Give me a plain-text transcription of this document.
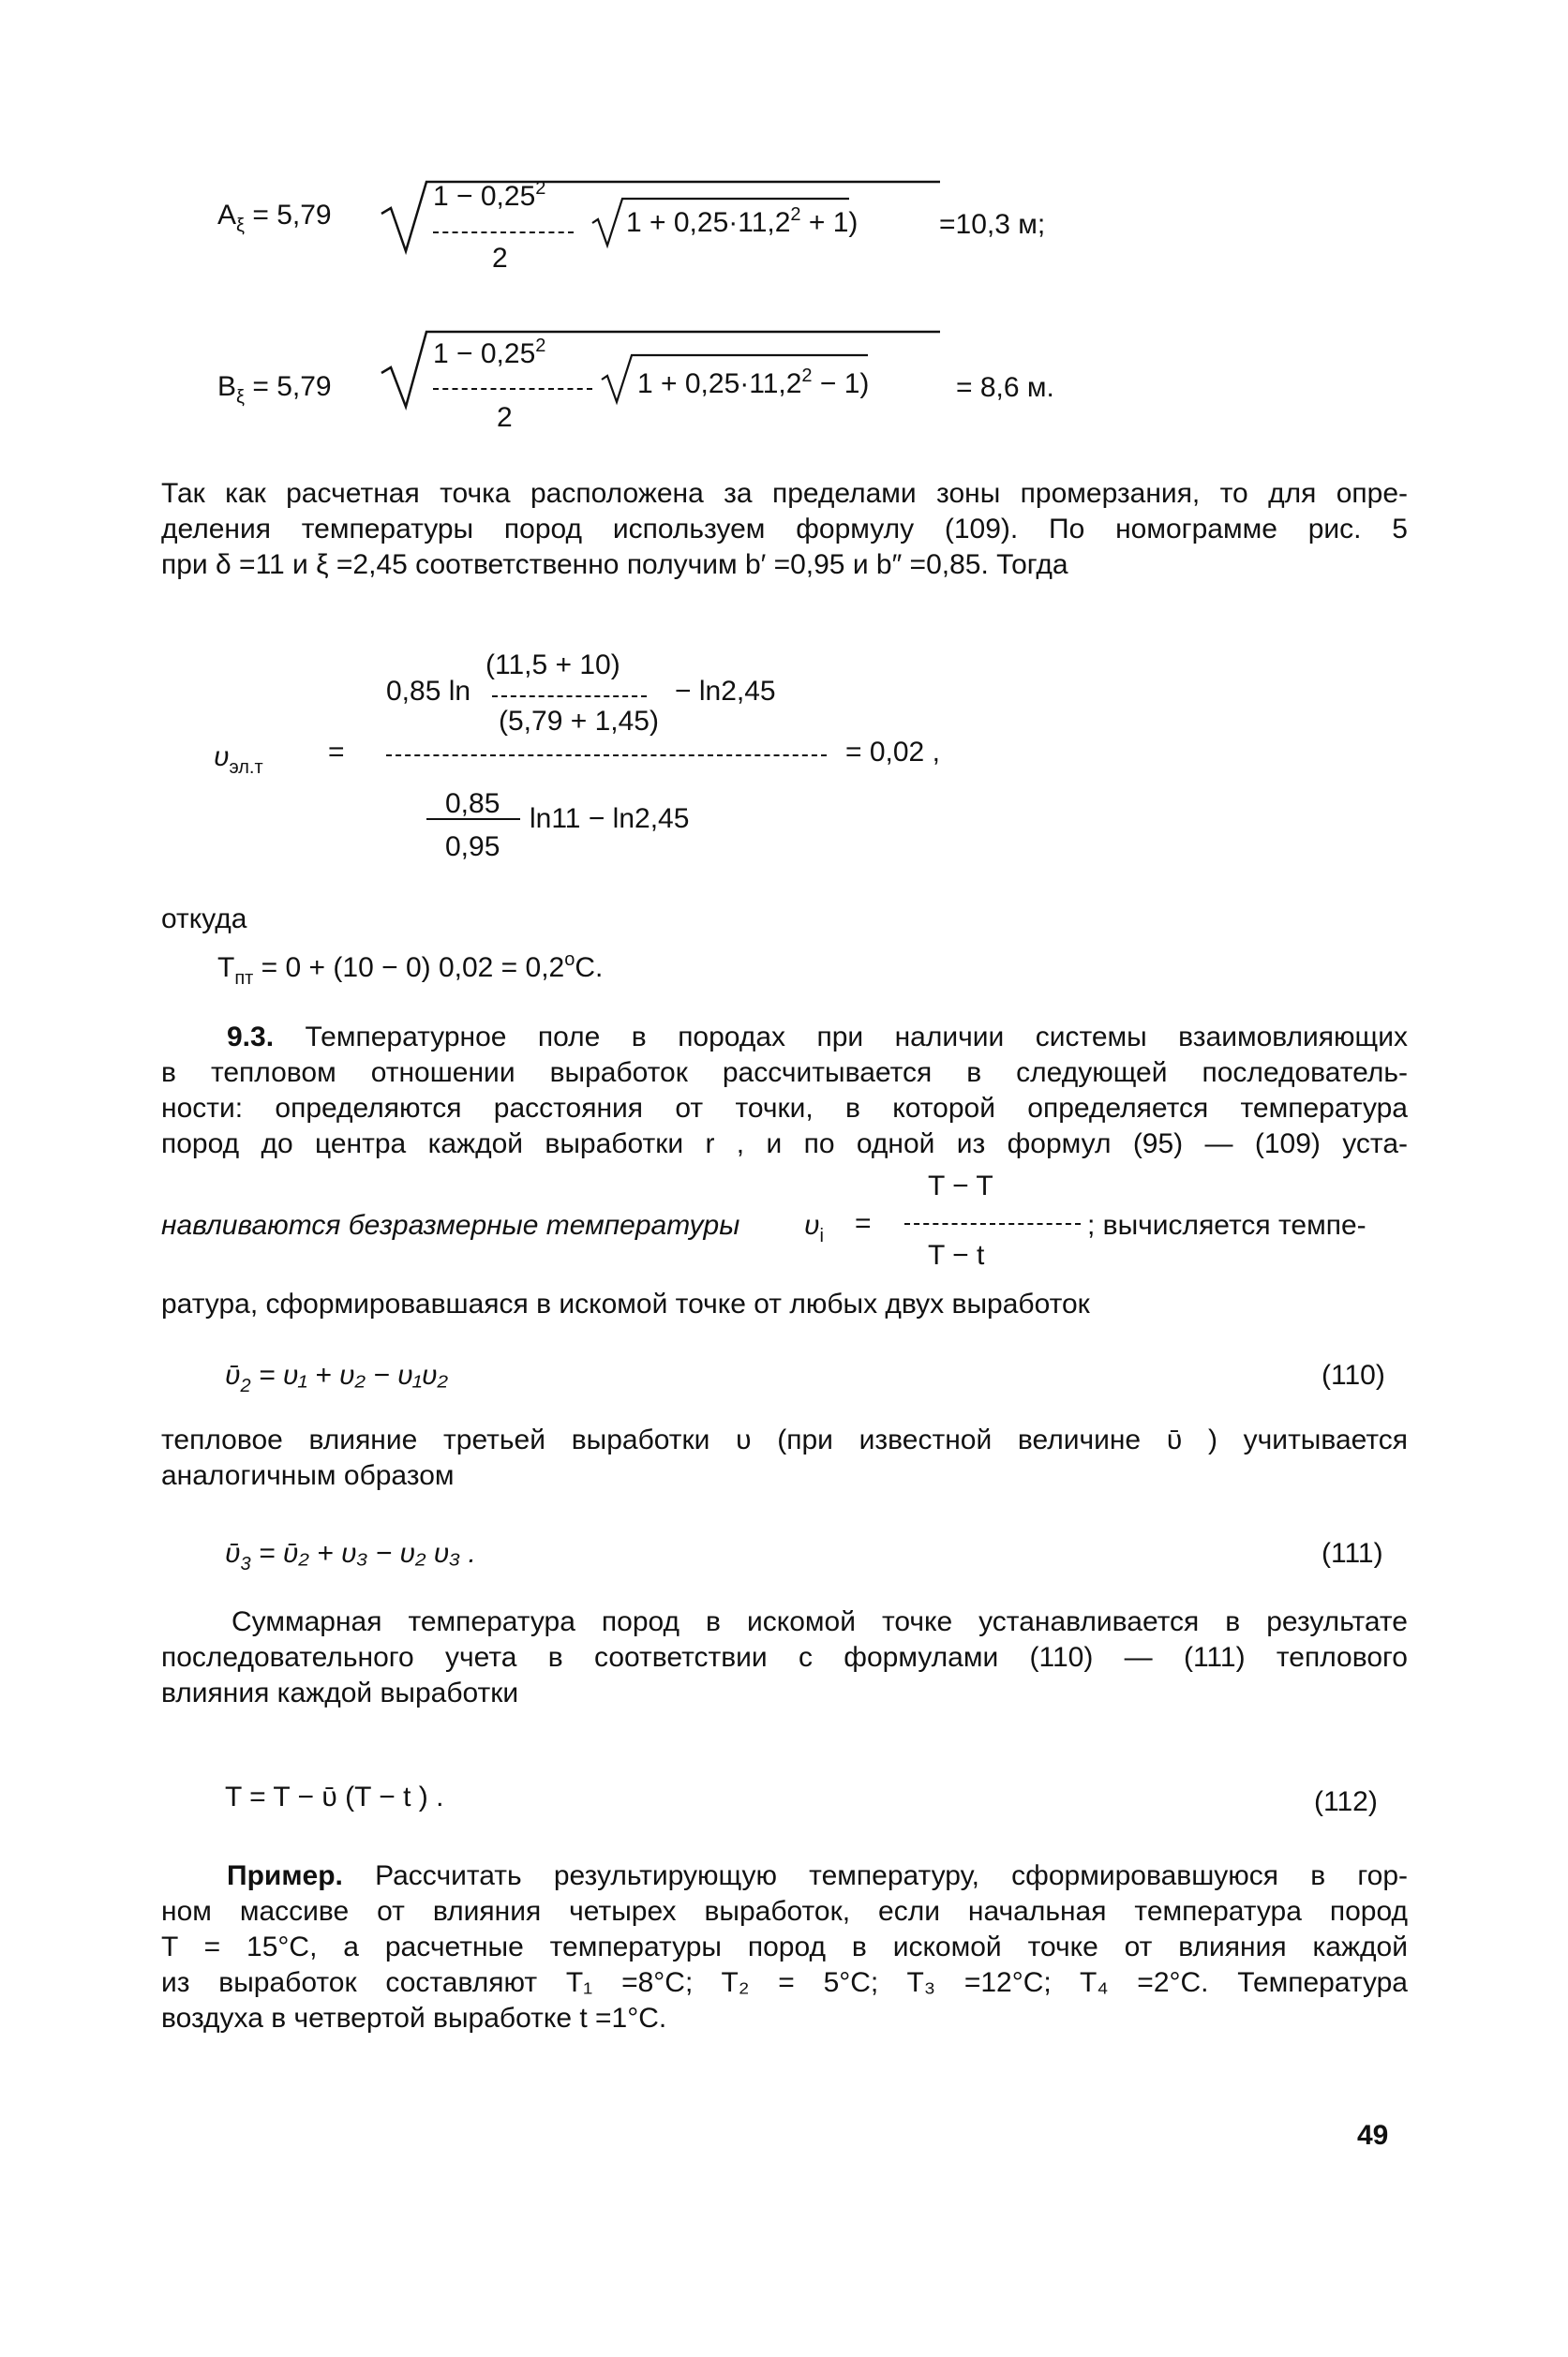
$A_\xi = 5,79$
$1 - 0,25^2$
2
$1 + 0,25\cdot 11,2^2 + 1$)	=10,3 м;
$B_\xi = 5,79$
$1 - 0,25^2$
2
$1 + 0,25\cdot 11,2^2 - 1$)	= 8,6 м.
Так как расчетная точка расположена за пределами зоны промерзания, то для опре-
деления температуры пород используем формулу (109). По номограмме рис. 5
при δ =11 и ξ =2,45 соответственно получим b′ =0,95 и b″ =0,85. Тогда
(11,5 + 10)
0,85 ln	− ln2,45
(5,79 + 1,45)
$\upsilon_{эл.т}$ =	= 0,02 ,
0,85 ln11 − ln2,45
0,95
откуда
$T_{пт} = 0 + (10 - 0) 0,02 = 0,2^oC$.
9.3. Температурное поле в породах при наличии системы взаимовлияющих
в тепловом отношении выработок рассчитывается в следующей последователь-
ности: определяются расстояния от точки, в которой определяется температура
пород до центра каждой выработки r , и по одной из формул (95) — (109) уста-
навливаются безразмерные температуры $\upsilon_i$ =
T − T
T − t
; вычисляется темпе-
ратура, сформировавшаяся в искомой точке от любых двух выработок
ῡ$_2$ = υ₁ + υ₂ − υ₁υ₂	(110)
тепловое влияние третьей выработки υ (при известной величине ῡ ) учитывается
аналогичным образом
ῡ$_3$ = ῡ₂ + υ₃ − υ₂ υ₃ .	(111)
Суммарная температура пород в искомой точке устанавливается в результате
последовательного учета в соответствии с формулами (110) — (111) теплового
влияния каждой выработки
T = T − ῡ (T − t ) .	(112)
Пример. Рассчитать результирующую температуру, сформировавшуюся в гор-
ном массиве от влияния четырех выработок, если начальная температура пород
T = 15°C, а расчетные температуры пород в искомой точке от влияния каждой
из выработок составляют T₁ =8°C; T₂ = 5°C; T₃ =12°C; T₄ =2°C. Температура
воздуха в четвертой выработке t =1°C.
49
